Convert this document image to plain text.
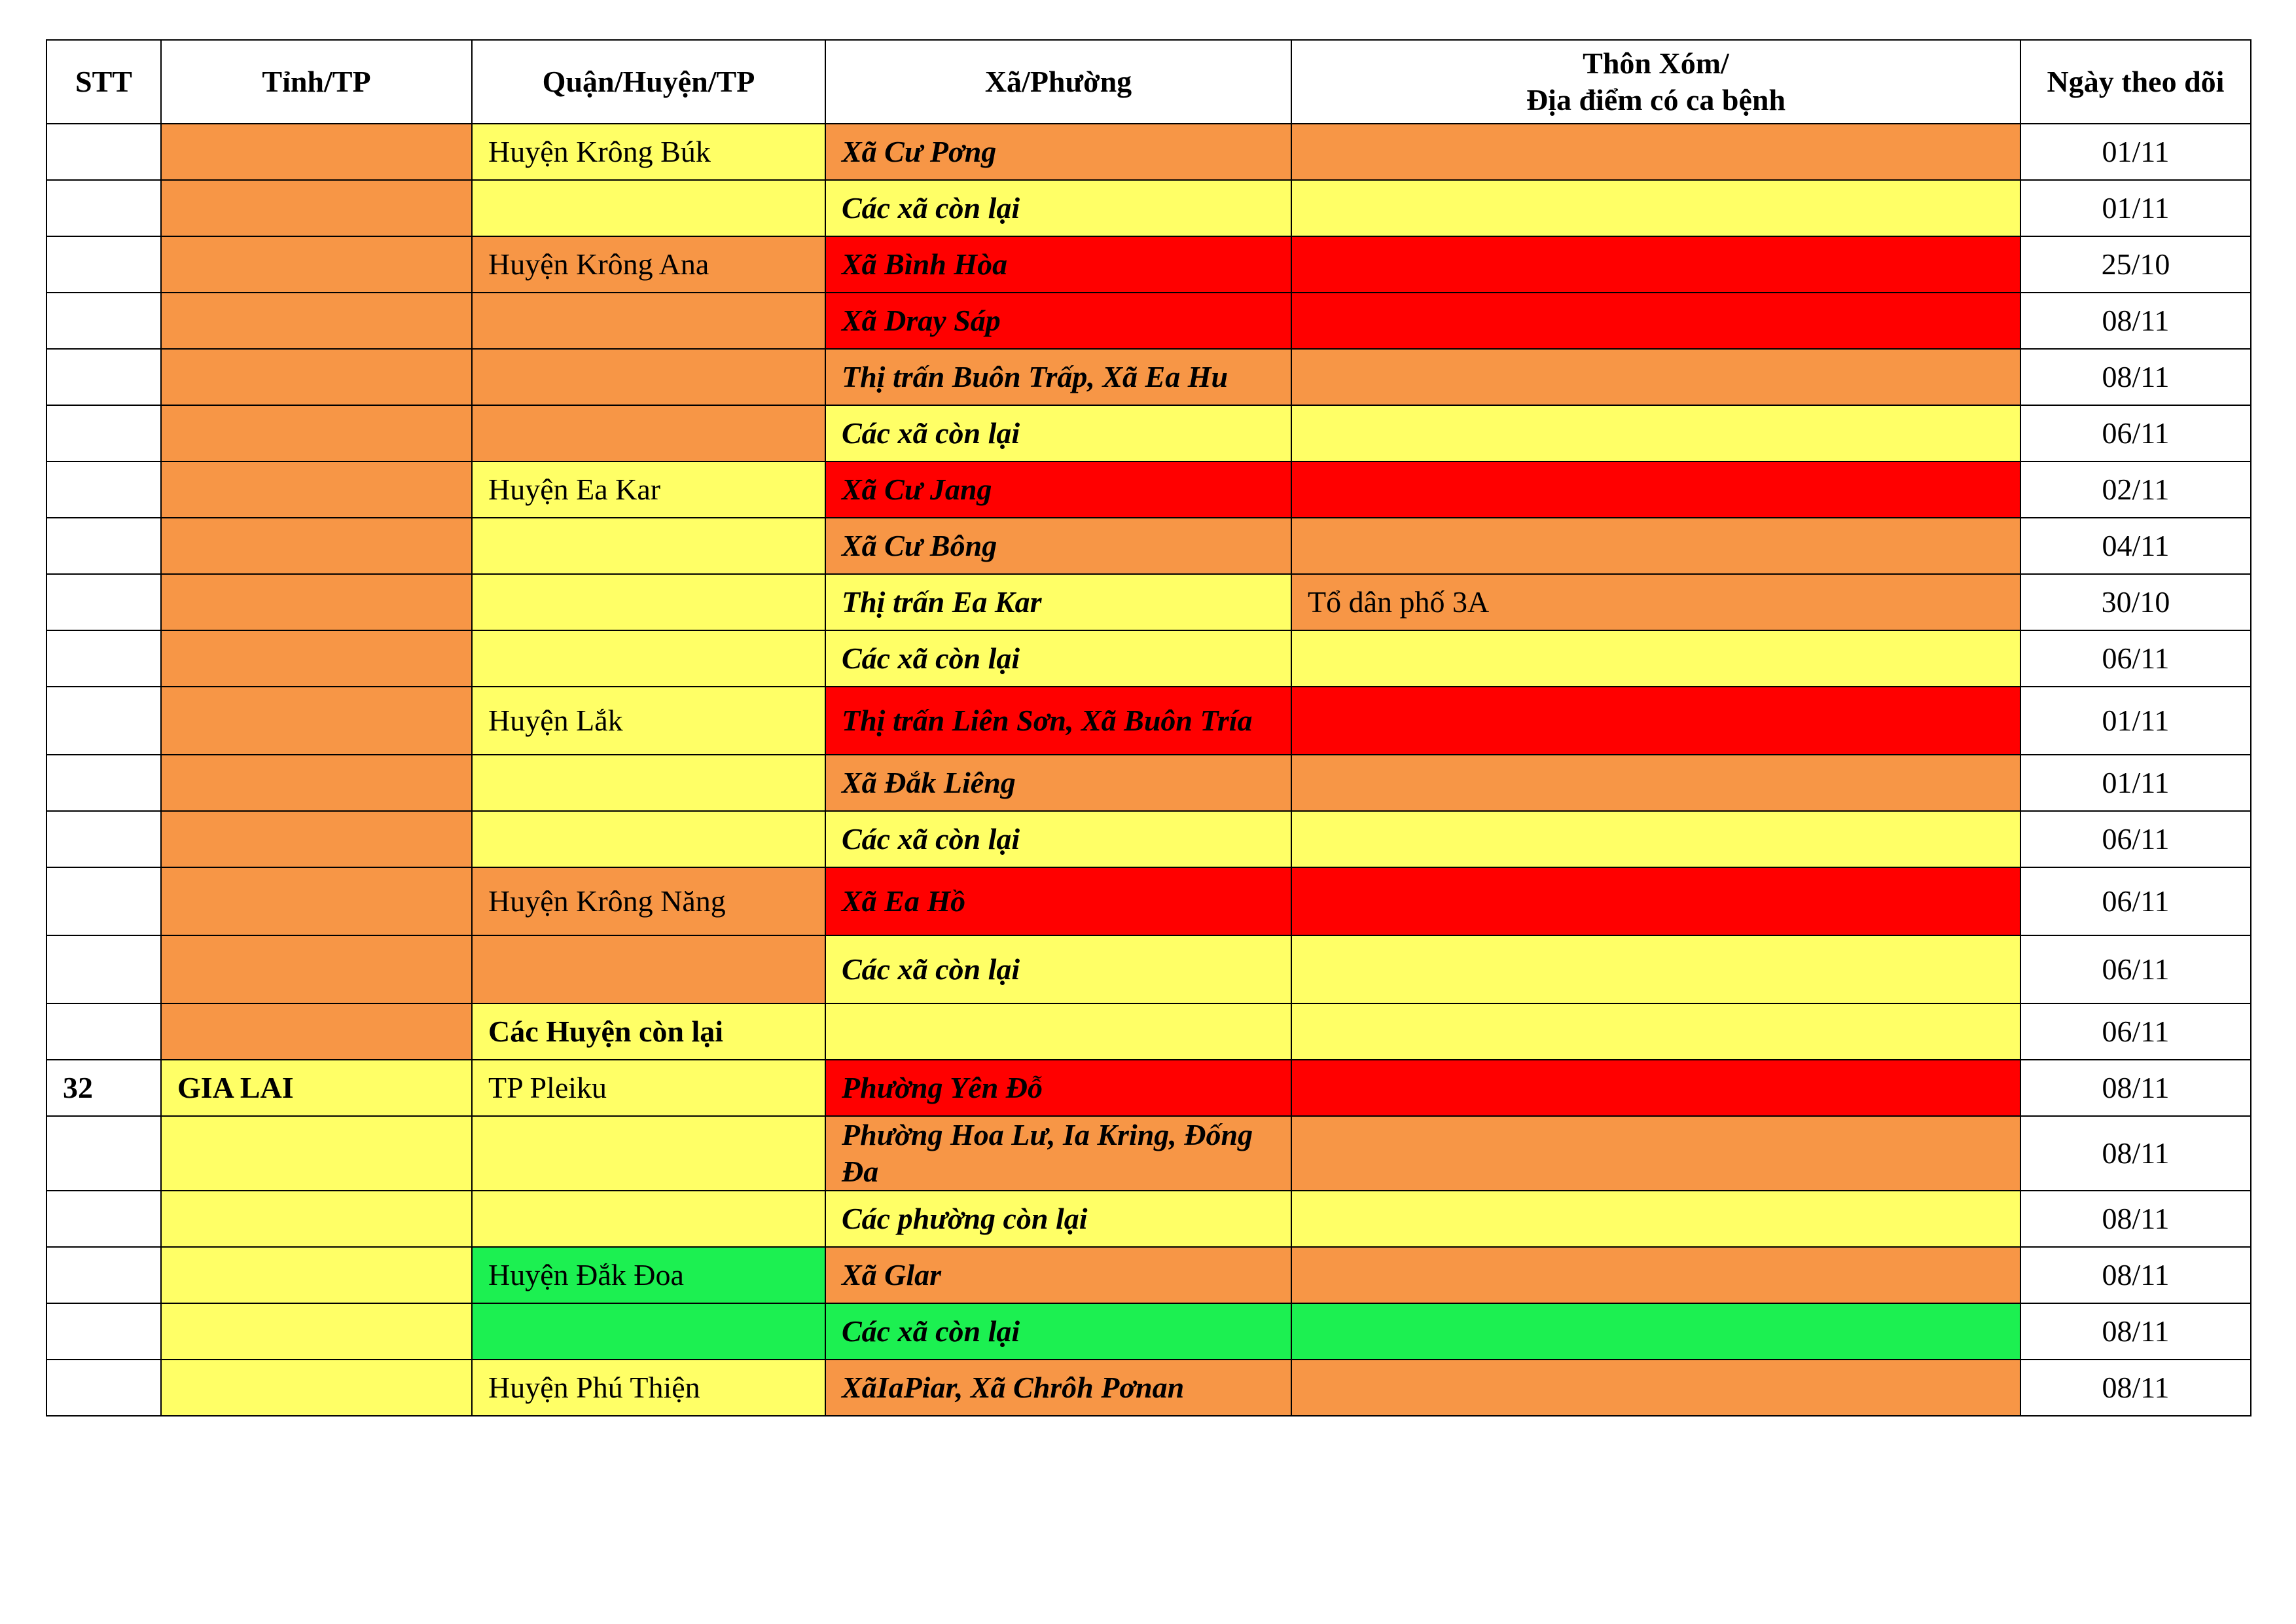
STT	Tỉnh/TP	Quận/Huyện/TP	Xã/Phường	Thôn Xóm/
Địa điểm có ca bệnh	Ngày theo dõi
		Huyện Krông Búk	Xã Cư Pơng		01/11
			Các xã còn lại		01/11
		Huyện Krông Ana	Xã Bình Hòa		25/10
			Xã Dray Sáp		08/11
			Thị trấn Buôn Trấp, Xã Ea Hu		08/11
			Các xã còn lại		06/11
		Huyện Ea Kar	Xã Cư Jang		02/11
			Xã Cư Bông		04/11
			Thị trấn Ea Kar	Tổ dân phố 3A	30/10
			Các xã còn lại		06/11
		Huyện Lắk	Thị trấn Liên Sơn, Xã Buôn Tría		01/11
			Xã Đắk Liêng		01/11
			Các xã còn lại		06/11
		Huyện Krông Năng	Xã Ea Hồ		06/11
			Các xã còn lại		06/11
		Các Huyện còn lại			06/11
32	GIA LAI	TP Pleiku	Phường Yên Đỗ		08/11
			Phường Hoa Lư, Ia Kring, Đống Đa		08/11
			Các phường còn lại		08/11
		Huyện Đắk Đoa	Xã Glar		08/11
			Các xã còn lại		08/11
		Huyện Phú Thiện	XãIaPiar, Xã Chrôh Pơnan		08/11
